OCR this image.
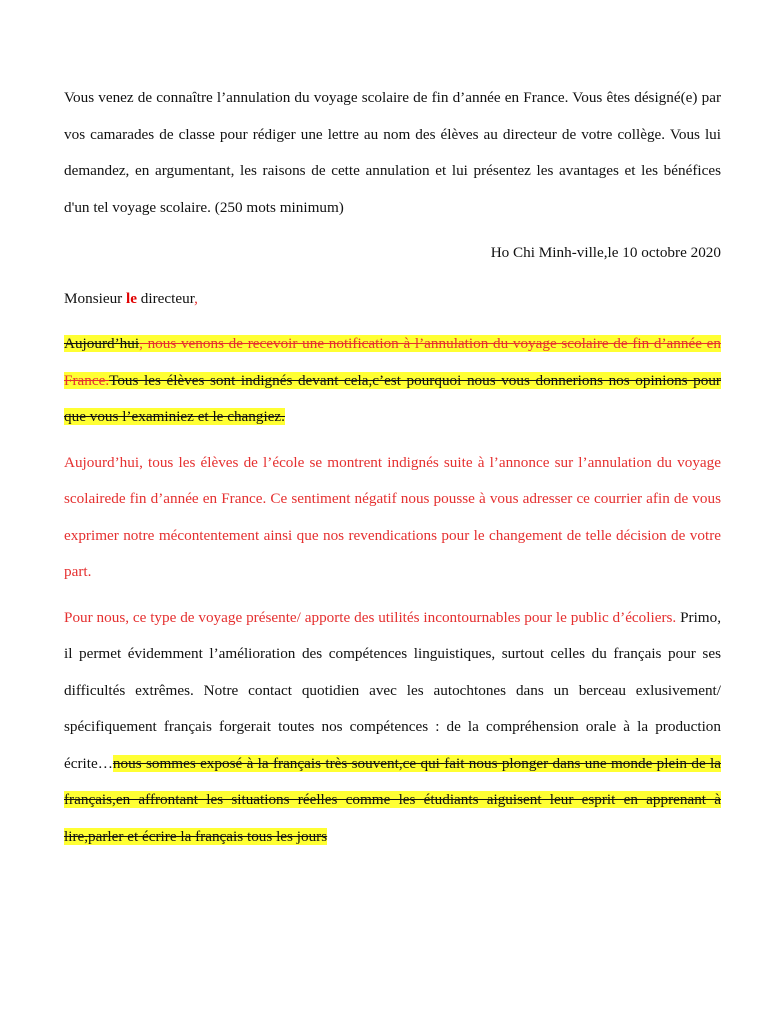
Vous venez de connaître l’annulation du voyage scolaire de fin d’année en France. Vous êtes désigné(e) par vos camarades de classe pour rédiger une lettre au nom des élèves au directeur de votre collège. Vous lui demandez, en argumentant, les raisons de cette annulation et lui présentez les avantages et les bénéfices d'un tel voyage scolaire. (250 mots minimum)

Ho Chi Minh-ville,le 10 octobre 2020

Monsieur le directeur,

Aujourd’hui, nous venons de recevoir une notification à l’annulation du voyage scolaire de fin d’année en France.Tous les élèves sont indignés devant cela,c’est pourquoi nous vous donnerions nos opinions pour que vous l’examiniez et le changiez.

Aujourd’hui, tous les élèves de l’école se montrent indignés suite à l’annonce sur l’annulation du voyage scolairede fin d’année en France. Ce sentiment négatif nous pousse à vous adresser ce courrier afin de vous exprimer notre mécontentement ainsi que nos revendications pour le changement de telle décision de votre part.

Pour nous, ce type de voyage présente/ apporte des utilités incontournables pour le public d’écoliers. Primo, il permet évidemment l’amélioration des compétences linguistiques, surtout celles du français pour ses difficultés extrêmes. Notre contact quotidien avec les autochtones dans un berceau exlusivement/ spécifiquement français forgerait toutes nos compétences : de la compréhension orale à la production écrite…nous sommes exposé à la français très souvent,ce qui fait nous plonger dans une monde plein de la français,en affrontant les situations réelles comme les étudiants aiguisent leur esprit en apprenant à lire,parler et écrire la français tous les jours
